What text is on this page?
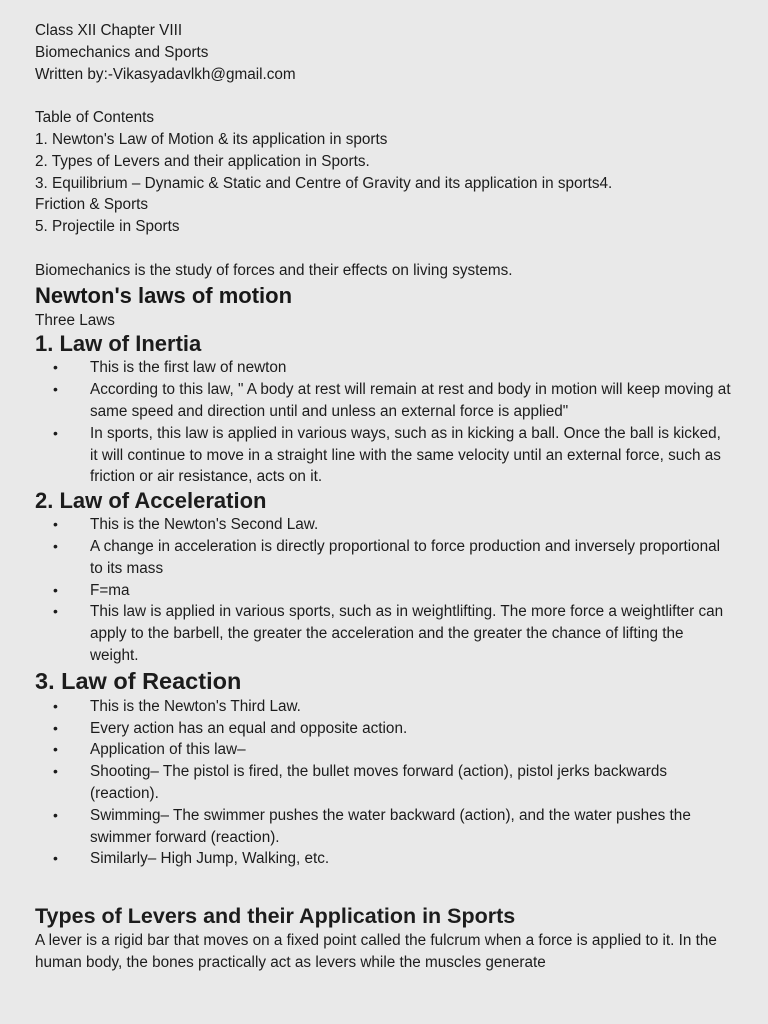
Class XII Chapter VIII

Biomechanics and Sports

Written by:-Vikasyadavlkh@gmail.com

Table of Contents

1. Newton's Law of Motion & its application in sports

2. Types of Levers and their application in Sports.

3. Equilibrium – Dynamic & Static and Centre of Gravity and its application in sports4.

Friction & Sports

5. Projectile in Sports

Biomechanics is the study of forces and their effects on living systems.

Newton's laws of motion

Three Laws

1. Law of Inertia
• This is the first law of newton
• According to this law, " A body at rest will remain at rest and body in motion will keep moving at same speed and direction until and unless an external force is applied"
• In sports, this law is applied in various ways, such as in kicking a ball. Once the ball is kicked, it will continue to move in a straight line with the same velocity until an external force, such as friction or air resistance, acts on it.
2. Law of Acceleration
• This is the Newton's Second Law.
• A change in acceleration is directly proportional to force production and inversely proportional to its mass
• F=ma
• This law is applied in various sports, such as in weightlifting. The more force a weightlifter can apply to the barbell, the greater the acceleration and the greater the chance of lifting the weight.
3. Law of Reaction
• This is the Newton's Third Law.
• Every action has an equal and opposite action.
• Application of this law–
• Shooting– The pistol is fired, the bullet moves forward (action), pistol jerks backwards (reaction).
• Swimming– The swimmer pushes the water backward (action), and the water pushes the swimmer forward (reaction).
• Similarly– High Jump, Walking, etc.
Types of Levers and their Application in Sports

A lever is a rigid bar that moves on a fixed point called the fulcrum when a force is applied to it. In the human body, the bones practically act as levers while the muscles generate
